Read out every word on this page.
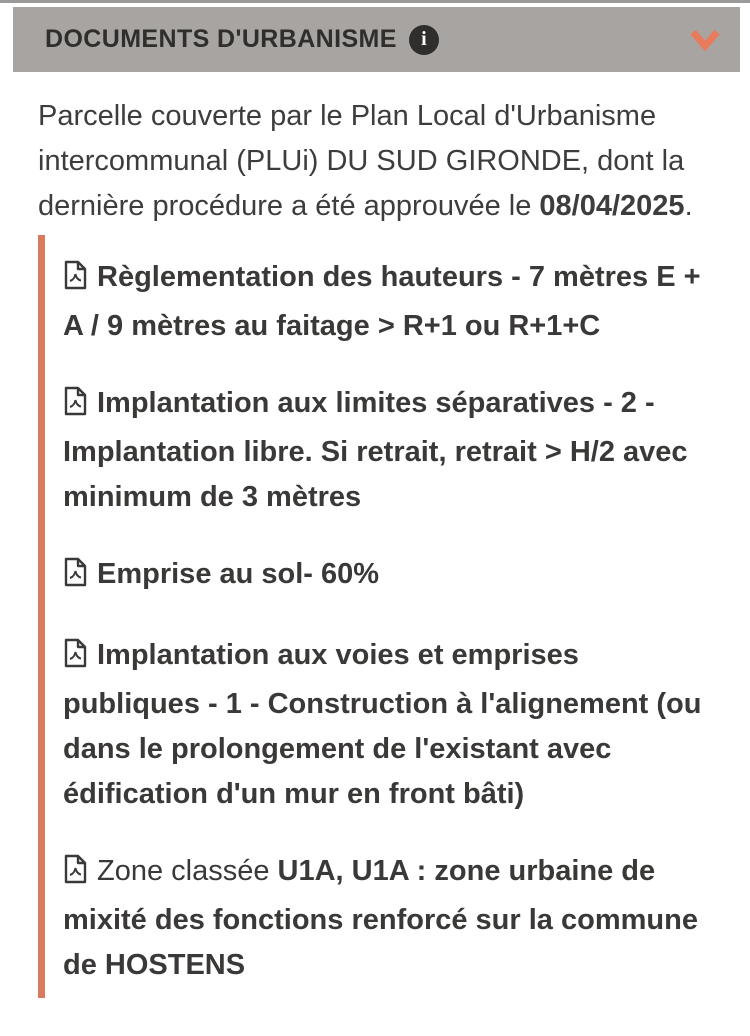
DOCUMENTS D'URBANISME	i

Parcelle couverte par le Plan Local d'Urbanisme intercommunal (PLUi) DU SUD GIRONDE, dont la dernière procédure a été approuvée le 08/04/2025.

Règlementation des hauteurs - 7 mètres E + A / 9 mètres au faitage > R+1 ou R+1+C
Implantation aux limites séparatives - 2 - Implantation libre. Si retrait, retrait > H/2 avec minimum de 3 mètres
Emprise au sol- 60%
Implantation aux voies et emprises publiques - 1 - Construction à l'alignement (ou dans le prolongement de l'existant avec édification d'un mur en front bâti)
Zone classée U1A, U1A : zone urbaine de mixité des fonctions renforcé sur la commune de HOSTENS
